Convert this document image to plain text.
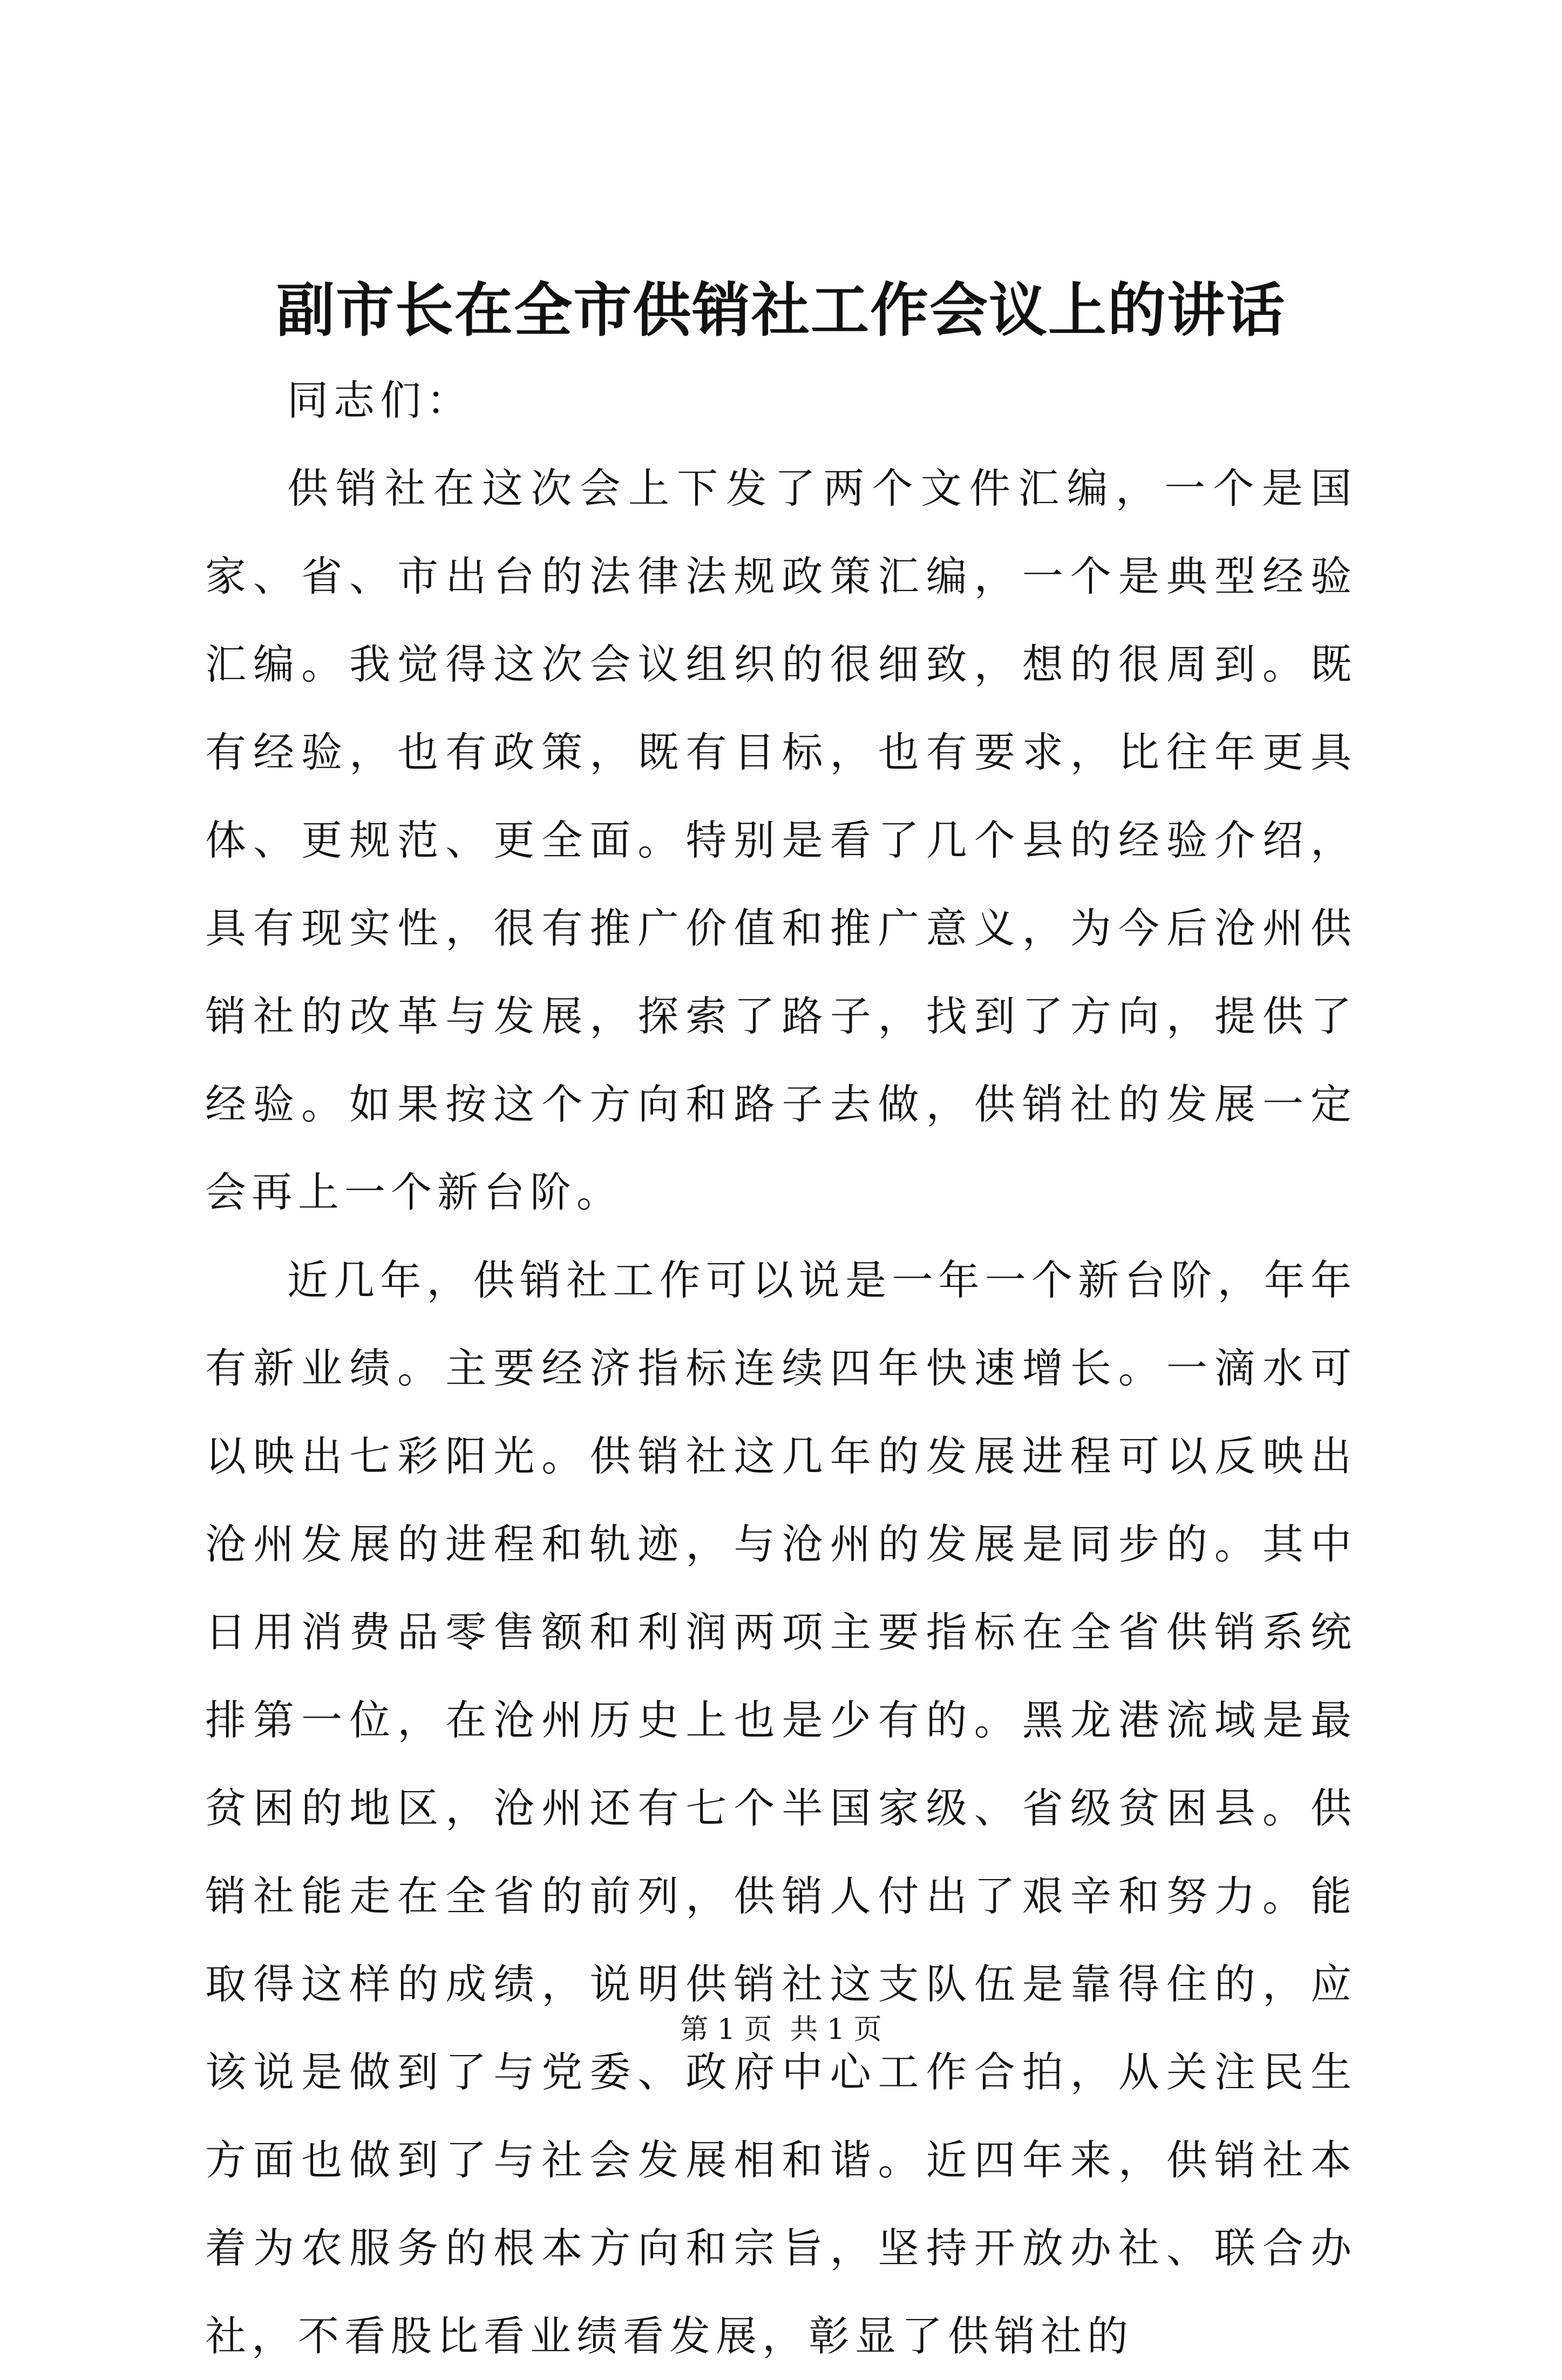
副市长在全市供销社工作会议上的讲话

同志们：

供销社在这次会上下发了两个文件汇编，一个是国家、省、市出台的法律法规政策汇编，一个是典型经验汇编。我觉得这次会议组织的很细致，想的很周到。既有经验，也有政策，既有目标，也有要求，比往年更具体、更规范、更全面。特别是看了几个县的经验介绍，具有现实性，很有推广价值和推广意义，为今后沧州供销社的改革与发展，探索了路子，找到了方向，提供了经验。如果按这个方向和路子去做，供销社的发展一定会再上一个新台阶。

近几年，供销社工作可以说是一年一个新台阶，年年有新业绩。主要经济指标连续四年快速增长。一滴水可以映出七彩阳光。供销社这几年的发展进程可以反映出沧州发展的进程和轨迹，与沧州的发展是同步的。其中日用消费品零售额和利润两项主要指标在全省供销系统排第一位，在沧州历史上也是少有的。黑龙港流域是最贫困的地区，沧州还有七个半国家级、省级贫困县。供销社能走在全省的前列，供销人付出了艰辛和努力。能取得这样的成绩，说明供销社这支队伍是靠得住的，应该说是做到了与党委、政府中心工作合拍，从关注民生方面也做到了与社会发展相和谐。近四年来，供销社本着为农服务的根本方向和宗旨，坚持开放办社、联合办社，不看股比看业绩看发展，彰显了供销社的

第 1 页  共 1 页
